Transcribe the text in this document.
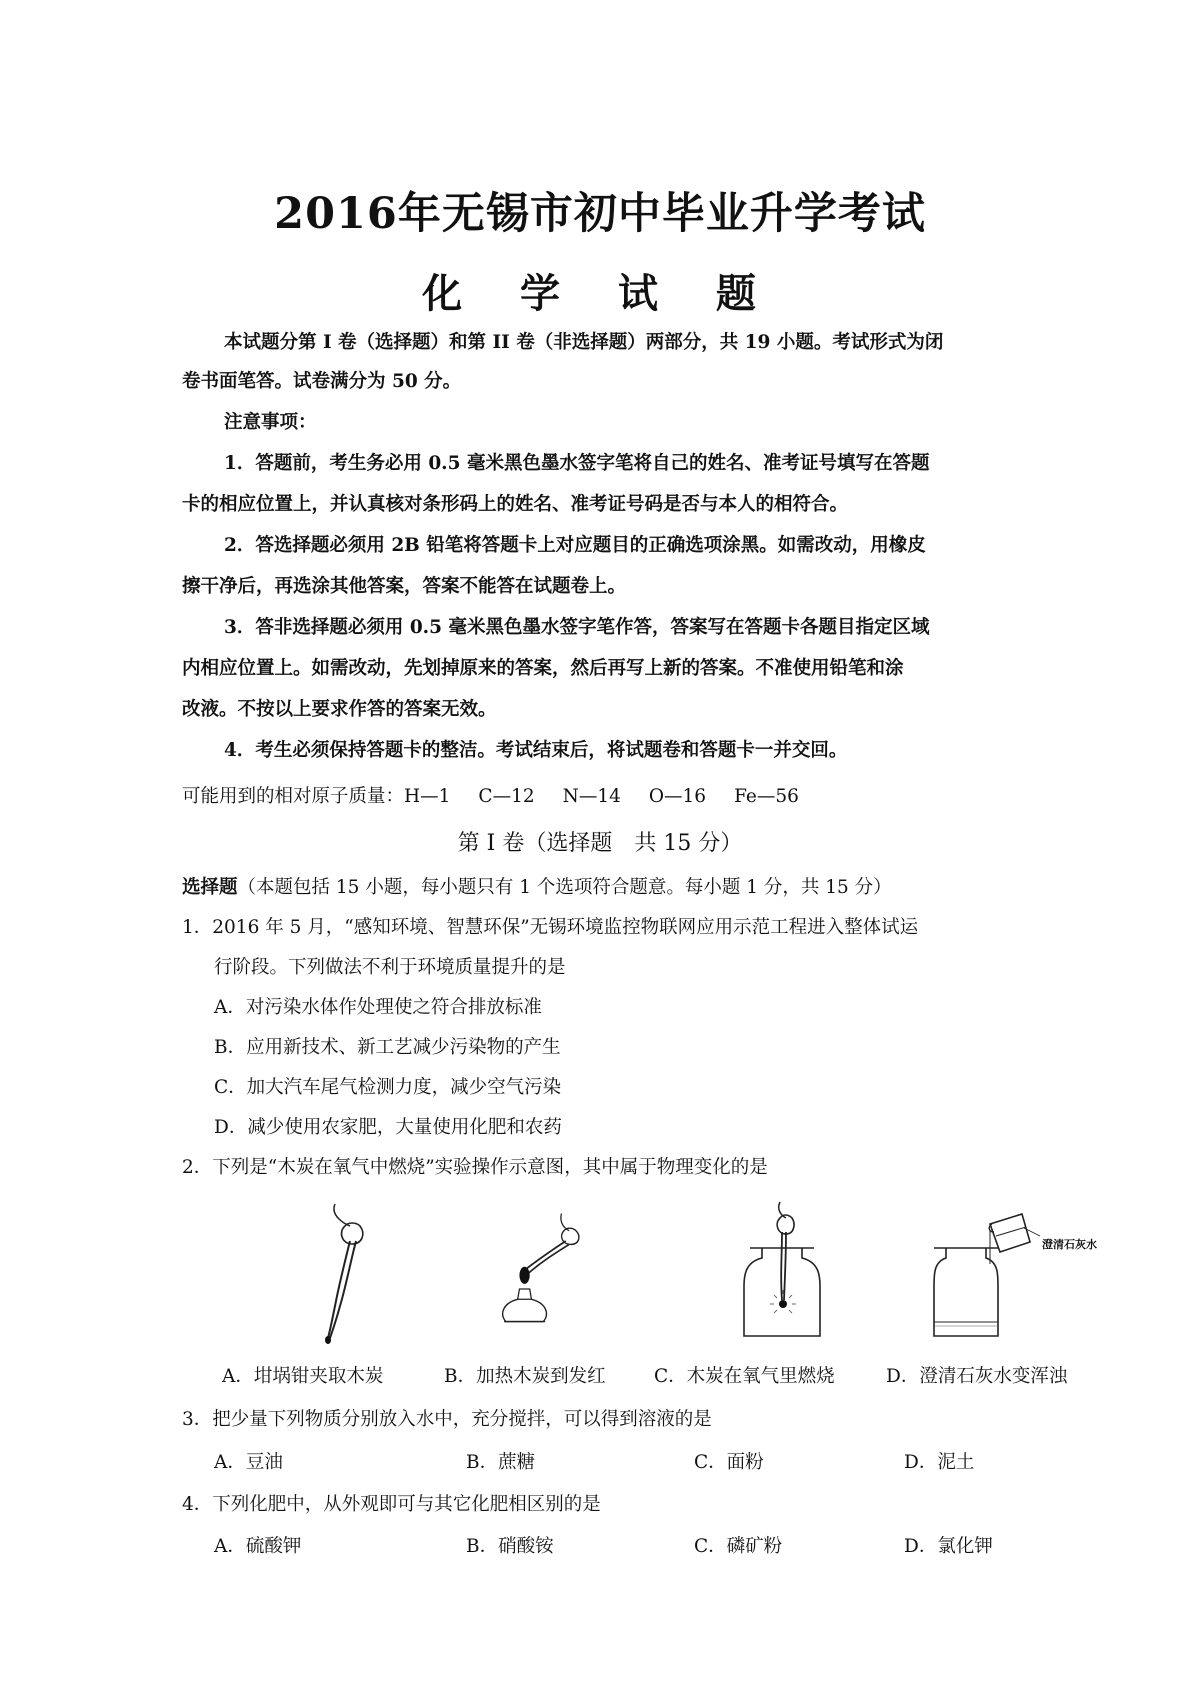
2016年无锡市初中毕业升学考试
化 学 试 题
本试题分第 I 卷（选择题）和第 II 卷（非选择题）两部分，共 19 小题。考试形式为闭
卷书面笔答。试卷满分为 50 分。
注意事项：
1．答题前，考生务必用 0.5 毫米黑色墨水签字笔将自己的姓名、准考证号填写在答题
卡的相应位置上，并认真核对条形码上的姓名、准考证号码是否与本人的相符合。
2．答选择题必须用 2B 铅笔将答题卡上对应题目的正确选项涂黑。如需改动，用橡皮
擦干净后，再选涂其他答案，答案不能答在试题卷上。
3．答非选择题必须用 0.5 毫米黑色墨水签字笔作答，答案写在答题卡各题目指定区域
内相应位置上。如需改动，先划掉原来的答案，然后再写上新的答案。不准使用铅笔和涂
改液。不按以上要求作答的答案无效。
4．考生必须保持答题卡的整洁。考试结束后，将试题卷和答题卡一并交回。
可能用到的相对原子质量：H—1 C—12 N—14 O—16 Fe—56
第 I 卷（选择题　共 15 分）
选择题（本题包括 15 小题，每小题只有 1 个选项符合题意。每小题 1 分，共 15 分）
1．2016 年 5 月，“感知环境、智慧环保”无锡环境监控物联网应用示范工程进入整体试运
行阶段。下列做法不利于环境质量提升的是
A．对污染水体作处理使之符合排放标准
B．应用新技术、新工艺减少污染物的产生
C．加大汽车尾气检测力度，减少空气污染
D．减少使用农家肥，大量使用化肥和农药
2．下列是“木炭在氧气中燃烧”实验操作示意图，其中属于物理变化的是
澄清石灰水
A．坩埚钳夹取木炭	B．加热木炭到发红	C．木炭在氧气里燃烧	D．澄清石灰水变浑浊
3．把少量下列物质分别放入水中，充分搅拌，可以得到溶液的是
A．豆油	B．蔗糖	C．面粉	D．泥土
4．下列化肥中，从外观即可与其它化肥相区别的是
A．硫酸钾	B．硝酸铵	C．磷矿粉	D．氯化钾
